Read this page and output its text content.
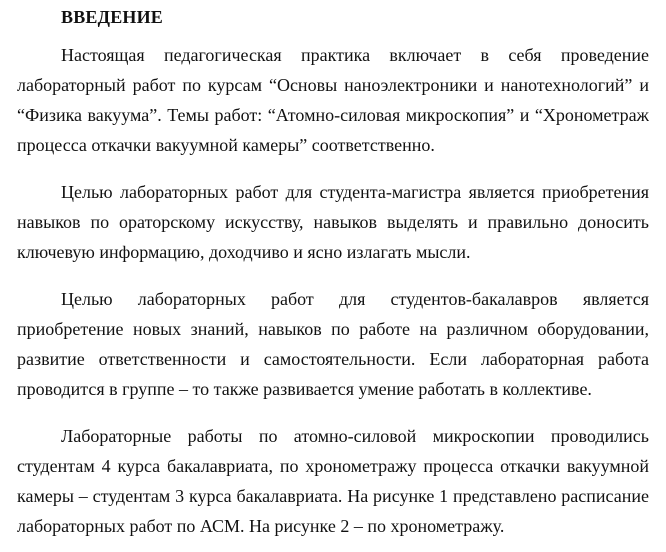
ВВЕДЕНИЕ

Настоящая педагогическая практика включает в себя проведение лабораторный работ по курсам “Основы наноэлектроники и нанотехнологий” и “Физика вакуума”. Темы работ: “Атомно-силовая микроскопия” и “Хронометраж процесса откачки вакуумной камеры” соответственно.

Целью лабораторных работ для студента-магистра является приобретения навыков по ораторскому искусству, навыков выделять и правильно доносить ключевую информацию, доходчиво и ясно излагать мысли.

Целью лабораторных работ для студентов-бакалавров является приобретение новых знаний, навыков по работе на различном оборудовании, развитие ответственности и самостоятельности. Если лабораторная работа проводится в группе – то также развивается умение работать в коллективе.

Лабораторные работы по атомно-силовой микроскопии проводились студентам 4 курса бакалавриата, по хронометражу процесса откачки вакуумной камеры – студентам 3 курса бакалавриата. На рисунке 1 представлено расписание лабораторных работ по АСМ. На рисунке 2 – по хронометражу.
